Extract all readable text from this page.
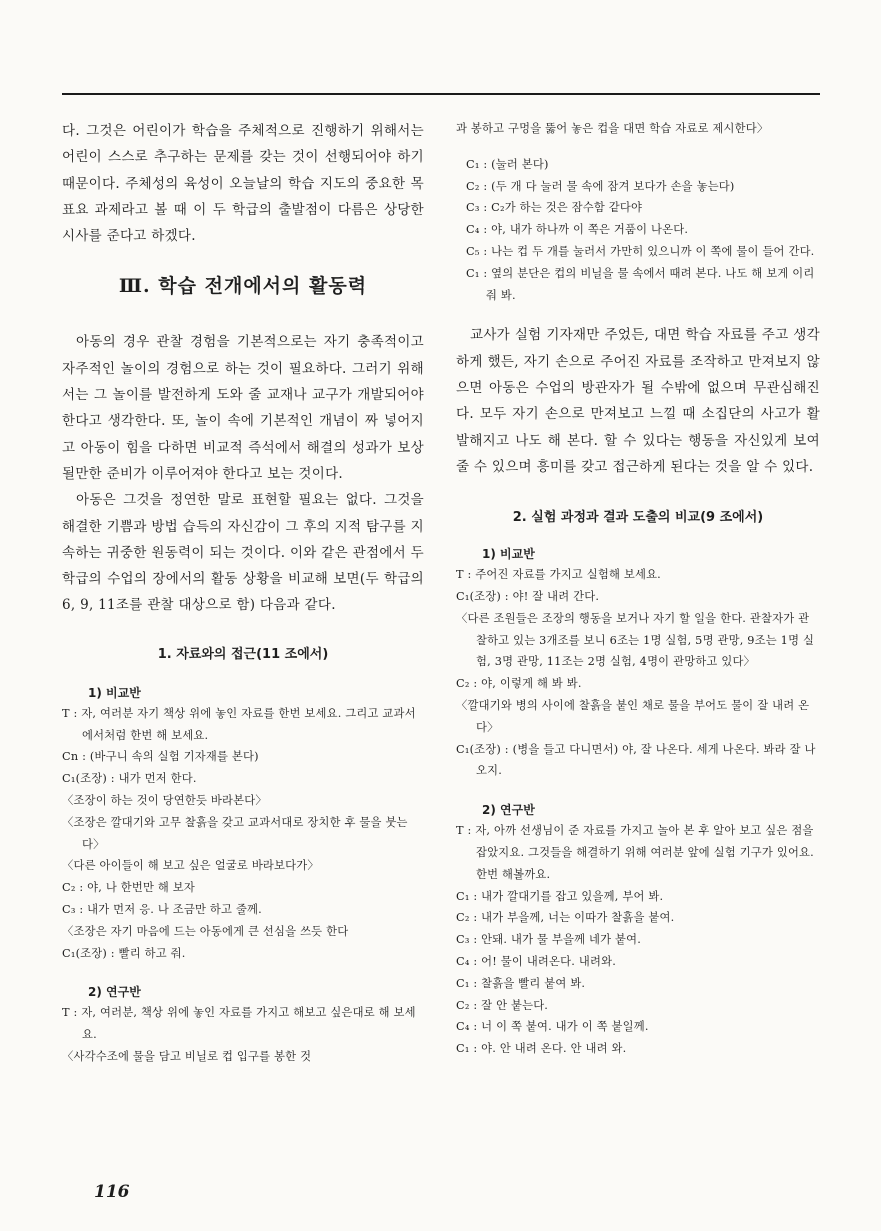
다. 그것은 어린이가 학습을 주체적으로 진행하기 위해서는 어린이 스스로 추구하는 문제를 갖는 것이 선행되어야 하기 때문이다. 주체성의 육성이 오늘날의 학습 지도의 중요한 목표요 과제라고 볼 때 이 두 학급의 출발점이 다름은 상당한 시사를 준다고 하겠다.

Ⅲ. 학습 전개에서의 활동력

아동의 경우 관찰 경험을 기본적으로는 자기 충족적이고 자주적인 놀이의 경험으로 하는 것이 필요하다. 그러기 위해서는 그 놀이를 발전하게 도와 줄 교재나 교구가 개발되어야 한다고 생각한다. 또, 놀이 속에 기본적인 개념이 짜 넣어지고 아동이 힘을 다하면 비교적 즉석에서 해결의 성과가 보상될만한 준비가 이루어져야 한다고 보는 것이다.

아동은 그것을 정연한 말로 표현할 필요는 없다. 그것을 해결한 기쁨과 방법 습득의 자신감이 그 후의 지적 탐구를 지속하는 귀중한 원동력이 되는 것이다. 이와 같은 관점에서 두 학급의 수업의 장에서의 활동 상황을 비교해 보면(두 학급의 6, 9, 11조를 관찰 대상으로 함) 다음과 같다.

1. 자료와의 접근(11 조에서)

1) 비교반

T : 자, 여러분 자기 책상 위에 놓인 자료를 한번 보세요. 그리고 교과서에서처럼 한번 해 보세요.

Cn : (바구니 속의 실험 기자재를 본다)

C₁(조장) : 내가 먼저 한다.

〈조장이 하는 것이 당연한듯 바라본다〉

〈조장은 깔대기와 고무 찰흙을 갖고 교과서대로 장치한 후 물을 붓는다〉

〈다른 아이들이 해 보고 싶은 얼굴로 바라보다가〉

C₂ : 야, 나 한번만 해 보자

C₃ : 내가 먼저 응. 나 조금만 하고 줄께.

〈조장은 자기 마음에 드는 아동에게 큰 선심을 쓰듯 한다

C₁(조장) : 빨리 하고 줘.

2) 연구반

T : 자, 여러분, 책상 위에 놓인 자료를 가지고 해보고 싶은대로 해 보세요.

〈사각수조에 물을 담고 비닐로 컵 입구를 봉한 것

과 봉하고 구멍을 뚫어 놓은 컵을 대면 학습 자료로 제시한다〉

C₁ : (눌러 본다)

C₂ : (두 개 다 눌러 물 속에 잠겨 보다가 손을 놓는다)

C₃ : C₂가 하는 것은 잠수함 같다야

C₄ : 야, 내가 하나까 이 쪽은 거품이 나온다.

C₅ : 나는 컵 두 개를 눌러서 가만히 있으니까 이 쪽에 물이 들어 간다.

C₁ : 옆의 분단은 컵의 비닐을 물 속에서 때려 본다. 나도 해 보게 이리 줘 봐.

교사가 실험 기자재만 주었든, 대면 학습 자료를 주고 생각하게 했든, 자기 손으로 주어진 자료를 조작하고 만져보지 않으면 아동은 수업의 방관자가 될 수밖에 없으며 무관심해진다. 모두 자기 손으로 만져보고 느낄 때 소집단의 사고가 활발해지고 나도 해 본다. 할 수 있다는 행동을 자신있게 보여 줄 수 있으며 흥미를 갖고 접근하게 된다는 것을 알 수 있다.

2. 실험 과정과 결과 도출의 비교(9 조에서)

1) 비교반

T : 주어진 자료를 가지고 실험해 보세요.

C₁(조장) : 야! 잘 내려 간다.

〈다른 조원들은 조장의 행동을 보거나 자기 할 일을 한다. 관찰자가 관찰하고 있는 3개조를 보니 6조는 1명 실험, 5명 관망, 9조는 1명 실험, 3명 관망, 11조는 2명 실험, 4명이 관망하고 있다〉

C₂ : 야, 이렇게 해 봐 봐.

〈깔대기와 병의 사이에 찰흙을 붙인 채로 물을 부어도 물이 잘 내려 온다〉

C₁(조장) : (병을 들고 다니면서) 야, 잘 나온다. 세게 나온다. 봐라 잘 나오지.

2) 연구반

T : 자, 아까 선생님이 준 자료를 가지고 놀아 본 후 알아 보고 싶은 점을 잡았지요. 그것들을 해결하기 위해 여러분 앞에 실험 기구가 있어요. 한번 해볼까요.

C₁ : 내가 깔대기를 잡고 있을께, 부어 봐.

C₂ : 내가 부을께, 너는 이따가 찰흙을 붙여.

C₃ : 안돼. 내가 물 부을께 네가 붙여.

C₄ : 어! 물이 내려온다. 내려와.

C₁ : 찰흙을 빨리 붙여 봐.

C₂ : 잘 안 붙는다.

C₄ : 너 이 쪽 붙여. 내가 이 쪽 붙일께.

C₁ : 야. 안 내려 온다. 안 내려 와.

116
